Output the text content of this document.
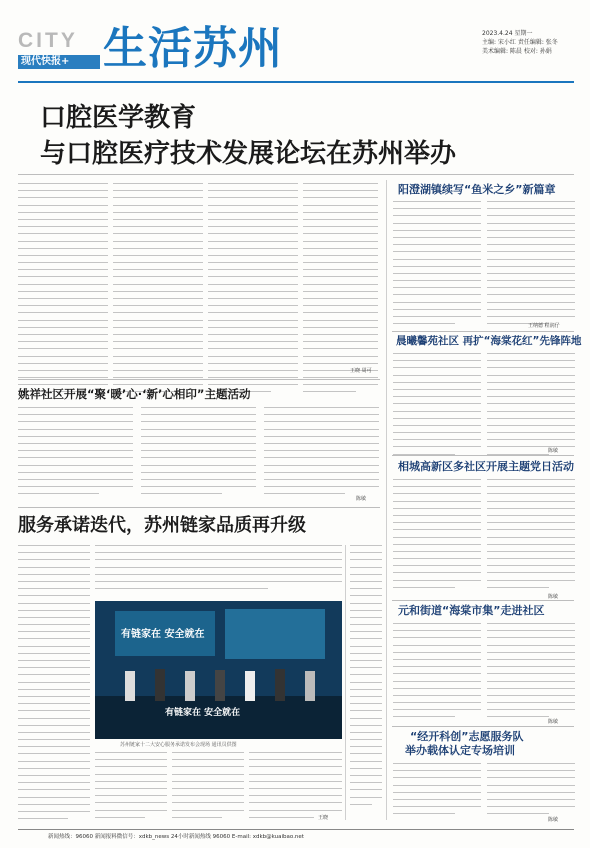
CITY
现代快报+ 生活苏州	2023.4.24 星期一
主编: 宋小红 责任编辑: 张冬
美术编辑: 陈晨 校对: 孙娟
口腔医学教育
与口腔医疗技术发展论坛在苏州举办
王晓 周可
阳澄湖镇续写“鱼米之乡”新篇章
王纳德 程润仔
晨曦馨苑社区 再扩“海棠花红”先锋阵地
陈敏
姚祥社区开展“聚‘暖’心·‘新’心相印”主题活动
陈敏
相城高新区多社区开展主题党日活动
陈敏
服务承诺迭代，苏州链家品质再升级
有链家在 安全就在
有链家在 安全就在
苏州链家十二大安心服务承诺发布会现场 通讯员供图
王晓
元和街道“海棠市集”走进社区
陈敏
“经开科创”志愿服务队
举办载体认定专场培训
陈敏
新闻热线：96060 新闻报料微信号：xdkb_news 24小时新闻热线 96060 E-mail: xdkb@kuaibao.net
